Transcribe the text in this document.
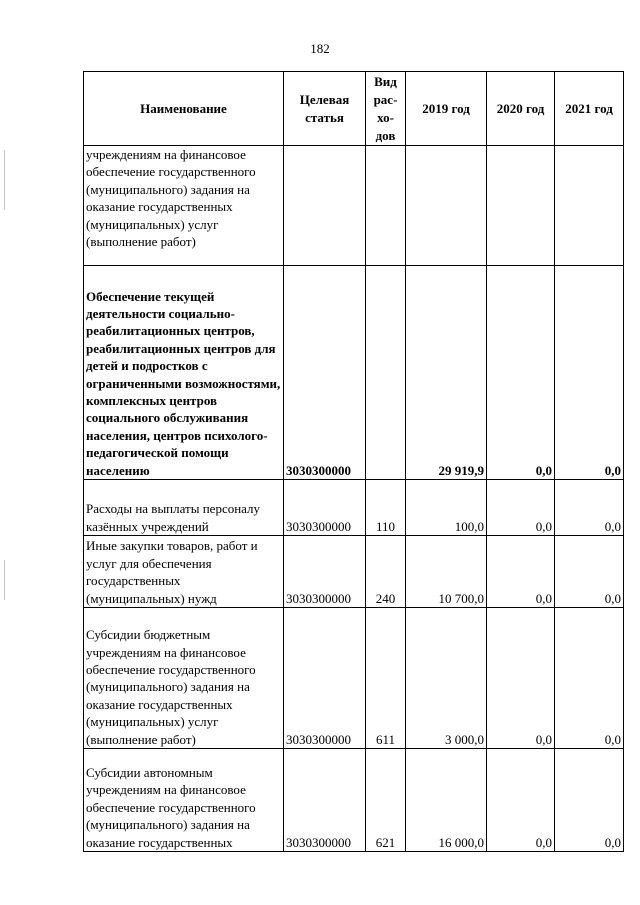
182
Наименование	Целевая статья	Вид рас-хо-дов	2019 год	2020 год	2021 год
учреждениям на финансовое обеспечение государственного (муниципального) задания на оказание государственных (муниципальных) услуг (выполнение работ)					
Обеспечение текущей деятельности социально-реабилитационных центров, реабилитационных центров для детей и подростков с ограниченными возможностями, комплексных центров социального обслуживания населения, центров психолого-педагогической помощи населению	3030300000		29 919,9	0,0	0,0
Расходы на выплаты персоналу казённых учреждений	3030300000	110	100,0	0,0	0,0
Иные закупки товаров, работ и услуг для обеспечения государственных (муниципальных) нужд	3030300000	240	10 700,0	0,0	0,0
Субсидии бюджетным учреждениям на финансовое обеспечение государственного (муниципального) задания на оказание государственных (муниципальных) услуг (выполнение работ)	3030300000	611	3 000,0	0,0	0,0
Субсидии автономным учреждениям на финансовое обеспечение государственного (муниципального) задания на оказание государственных	3030300000	621	16 000,0	0,0	0,0
